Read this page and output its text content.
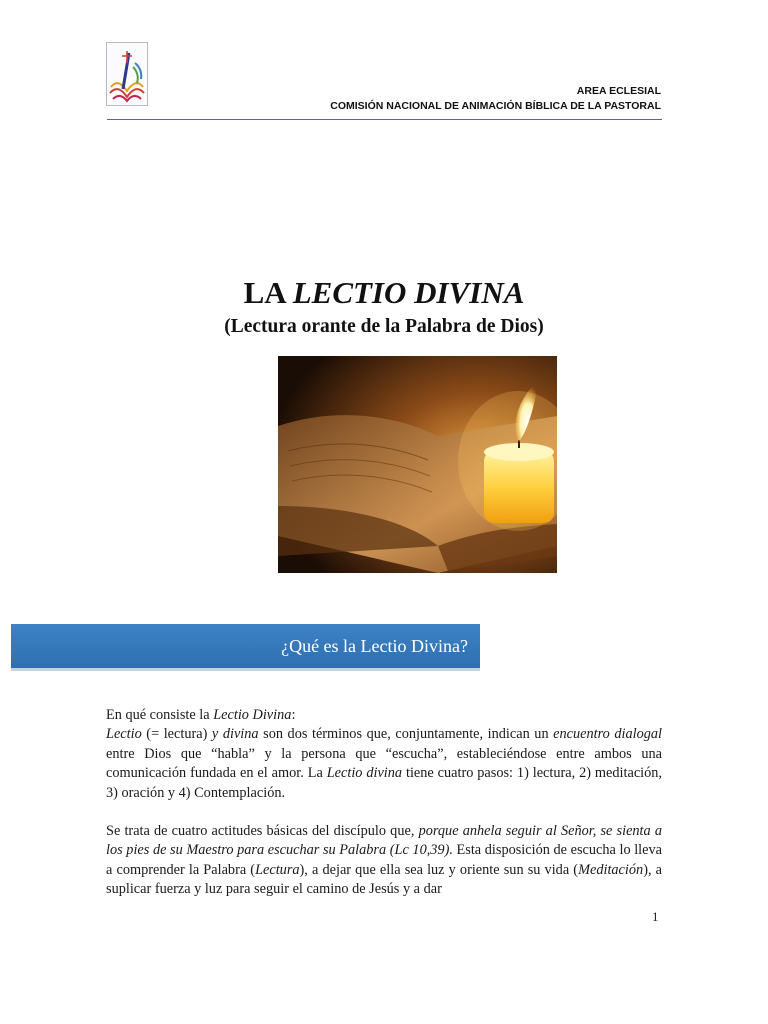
AREA ECLESIAL
COMISIÓN NACIONAL DE ANIMACIÓN BÍBLICA DE LA PASTORAL
LA LECTIO DIVINA
(Lectura orante de la Palabra de Dios)
¿Qué es la Lectio Divina?

En qué consiste la Lectio Divina:
Lectio (= lectura) y divina son dos términos que, conjuntamente, indican un encuentro dialogal entre Dios que “habla” y la persona que “escucha”, estableciéndose entre ambos una comunicación fundada en el amor. La Lectio divina tiene cuatro pasos: 1) lectura, 2) meditación, 3) oración y 4) Contemplación.

Se trata de cuatro actitudes básicas del discípulo que, porque anhela seguir al Señor, se sienta a los pies de su Maestro para escuchar su Palabra (Lc 10,39). Esta disposición de escucha lo lleva a comprender la Palabra (Lectura), a dejar que ella sea luz y oriente sun su vida (Meditación), a suplicar fuerza y luz para seguir el camino de Jesús y a dar

1
